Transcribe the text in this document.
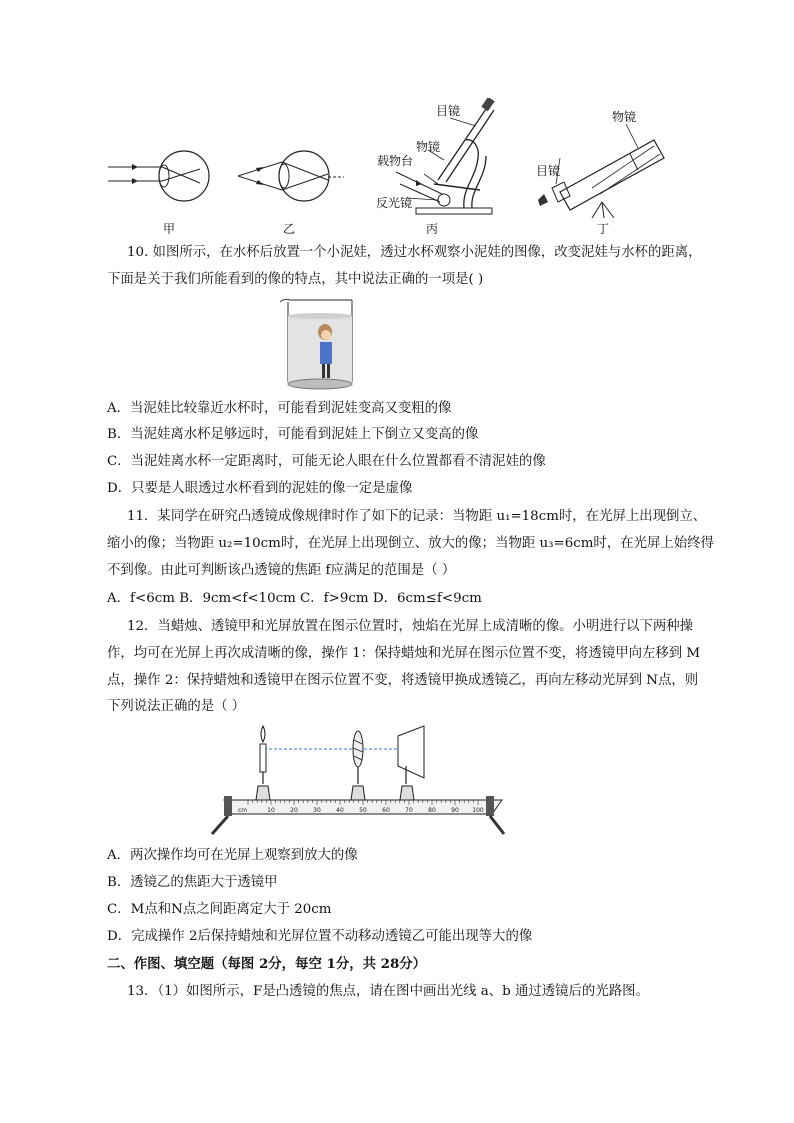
甲	乙
目镜
物镜
载物台
反光镜
丙
物镜
目镜
丁
10. 如图所示，在水杯后放置一个小泥娃，透过水杯观察小泥娃的图像，改变泥娃与水杯的距离，
下面是关于我们所能看到的像的特点，其中说法正确的一项是( )
A．当泥娃比较靠近水杯时，可能看到泥娃变高又变粗的像
B．当泥娃离水杯足够远时，可能看到泥娃上下倒立又变高的像
C．当泥娃离水杯一定距离时，可能无论人眼在什么位置都看不清泥娃的像
D．只要是人眼透过水杯看到的泥娃的像一定是虚像
11．某同学在研究凸透镜成像规律时作了如下的记录：当物距 u₁=18cm时，在光屏上出现倒立、
缩小的像；当物距 u₂=10cm时，在光屏上出现倒立、放大的像；当物距 u₃=6cm时，在光屏上始终得
不到像。由此可判断该凸透镜的焦距 f应满足的范围是（ ）
A．f<6cm B．9cm<f<10cm C．f>9cm D．6cm≤f<9cm
12．当蜡烛、透镜甲和光屏放置在图示位置时，烛焰在光屏上成清晰的像。小明进行以下两种操
作，均可在光屏上再次成清晰的像，操作 1：保持蜡烛和光屏在图示位置不变，将透镜甲向左移到 M
点，操作 2：保持蜡烛和透镜甲在图示位置不变，将透镜甲换成透镜乙，再向左移动光屏到 N点，则
下列说法正确的是（ ）
cm	10	20	30	40	50	60	70	80	90 100
A．两次操作均可在光屏上观察到放大的像
B．透镜乙的焦距大于透镜甲
C．M点和N点之间距离定大于 20cm
D．完成操作 2后保持蜡烛和光屏位置不动移动透镜乙可能出现等大的像
二、作图、填空题（每图 2分，每空 1分，共 28分）
13．（1）如图所示，F是凸透镜的焦点，请在图中画出光线 a、b 通过透镜后的光路图。
